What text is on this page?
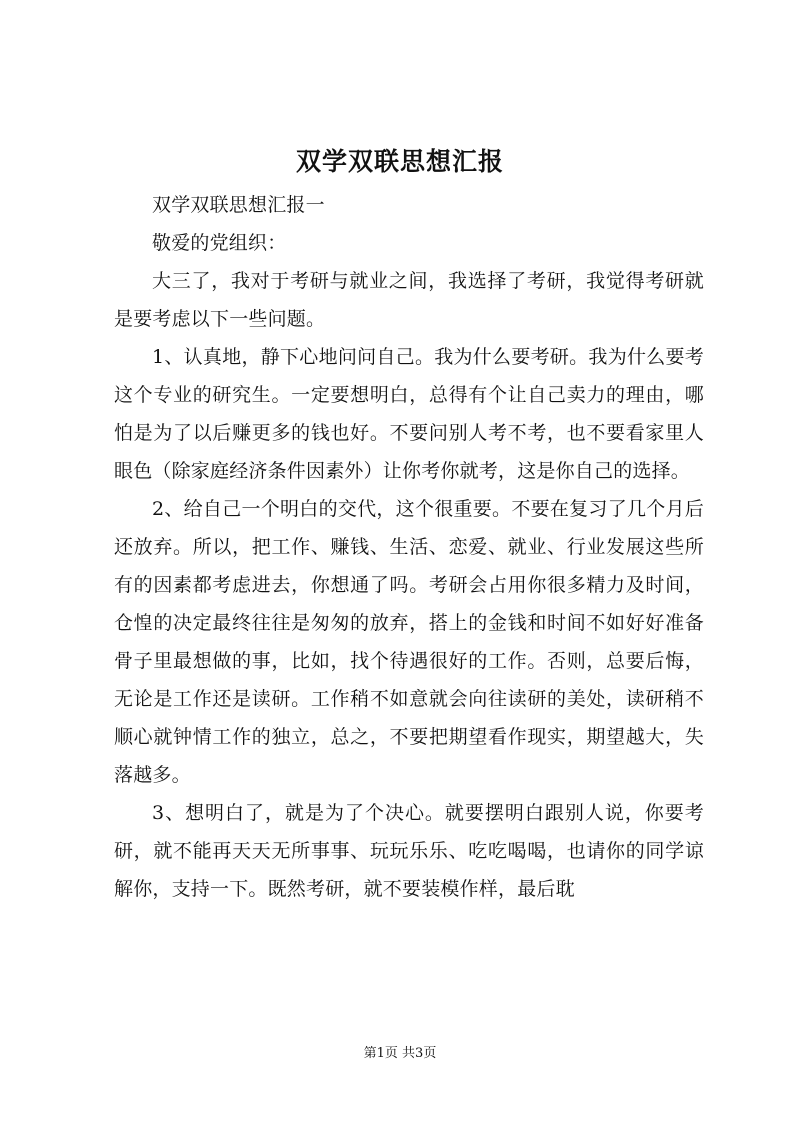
双学双联思想汇报

双学双联思想汇报一

敬爱的党组织：

大三了，我对于考研与就业之间，我选择了考研，我觉得考研就是要考虑以下一些问题。

1、认真地，静下心地问问自己。我为什么要考研。我为什么要考这个专业的研究生。一定要想明白，总得有个让自己卖力的理由，哪怕是为了以后赚更多的钱也好。不要问别人考不考，也不要看家里人眼色（除家庭经济条件因素外）让你考你就考，这是你自己的选择。

2、给自己一个明白的交代，这个很重要。不要在复习了几个月后还放弃。所以，把工作、赚钱、生活、恋爱、就业、行业发展这些所有的因素都考虑进去，你想通了吗。考研会占用你很多精力及时间，仓惶的决定最终往往是匆匆的放弃，搭上的金钱和时间不如好好准备骨子里最想做的事，比如，找个待遇很好的工作。否则，总要后悔，无论是工作还是读研。工作稍不如意就会向往读研的美处，读研稍不顺心就钟情工作的独立，总之，不要把期望看作现实，期望越大，失落越多。

3、想明白了，就是为了个决心。就要摆明白跟别人说，你要考研，就不能再天天无所事事、玩玩乐乐、吃吃喝喝，也请你的同学谅解你，支持一下。既然考研，就不要装模作样，最后耽

第1页 共3页
